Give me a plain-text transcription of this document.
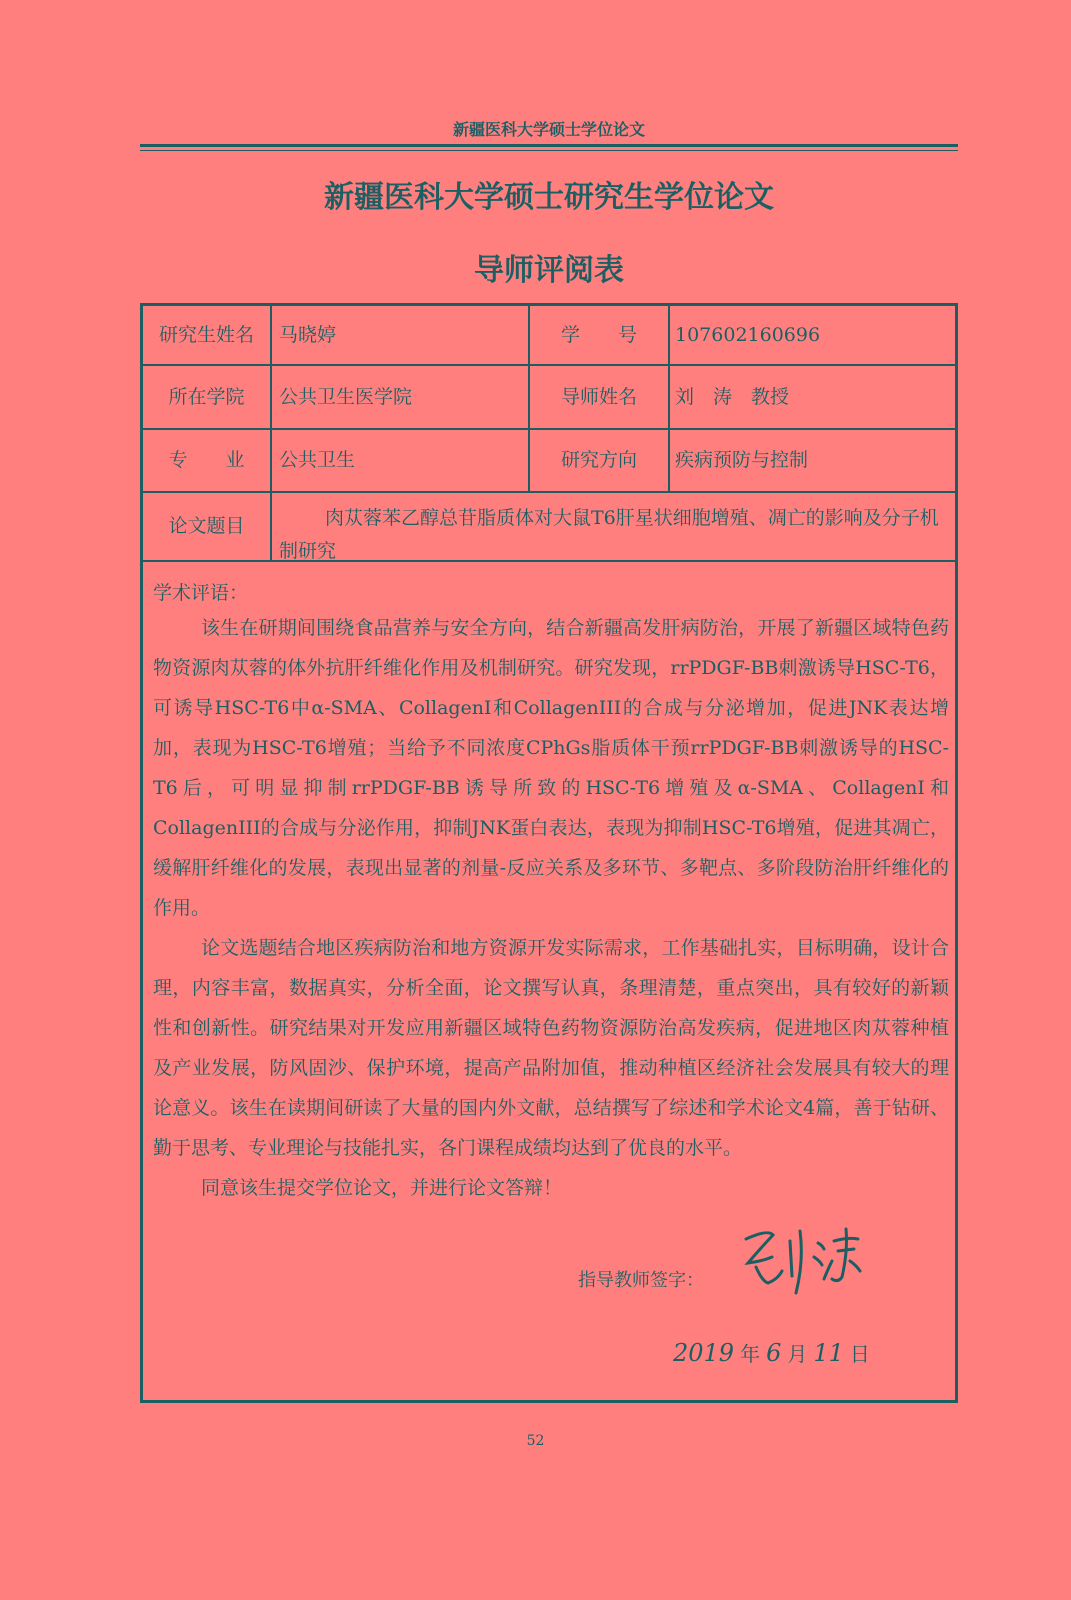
新疆医科大学硕士学位论文
新疆医科大学硕士研究生学位论文
导师评阅表
研究生姓名	马晓婷	学　　号	107602160696
所在学院	公共卫生医学院	导师姓名	刘　涛　教授
专　　业	公共卫生	研究方向	疾病预防与控制
论文题目	肉苁蓉苯乙醇总苷脂质体对大鼠T6肝星状细胞增殖、凋亡的影响及分子机制研究
学术评语：

该生在研期间围绕食品营养与安全方向，结合新疆高发肝病防治，开展了新疆区域特色药物资源肉苁蓉的体外抗肝纤维化作用及机制研究。研究发现，rrPDGF-BB刺激诱导HSC-T6，可诱导HSC-T6中α-SMA、CollagenI和CollagenIII的合成与分泌增加，促进JNK表达增加，表现为HSC-T6增殖；当给予不同浓度CPhGs脂质体干预rrPDGF-BB刺激诱导的HSC-T6后，可明显抑制rrPDGF-BB诱导所致的HSC-T6增殖及α-SMA、CollagenI和CollagenIII的合成与分泌作用，抑制JNK蛋白表达，表现为抑制HSC-T6增殖，促进其凋亡，缓解肝纤维化的发展，表现出显著的剂量-反应关系及多环节、多靶点、多阶段防治肝纤维化的作用。

论文选题结合地区疾病防治和地方资源开发实际需求，工作基础扎实，目标明确，设计合理，内容丰富，数据真实，分析全面，论文撰写认真，条理清楚，重点突出，具有较好的新颖性和创新性。研究结果对开发应用新疆区域特色药物资源防治高发疾病，促进地区肉苁蓉种植及产业发展，防风固沙、保护环境，提高产品附加值，推动种植区经济社会发展具有较大的理论意义。该生在读期间研读了大量的国内外文献，总结撰写了综述和学术论文4篇，善于钻研、勤于思考、专业理论与技能扎实，各门课程成绩均达到了优良的水平。

同意该生提交学位论文，并进行论文答辩！

指导教师签字：
2019 年 6 月 11 日
52
